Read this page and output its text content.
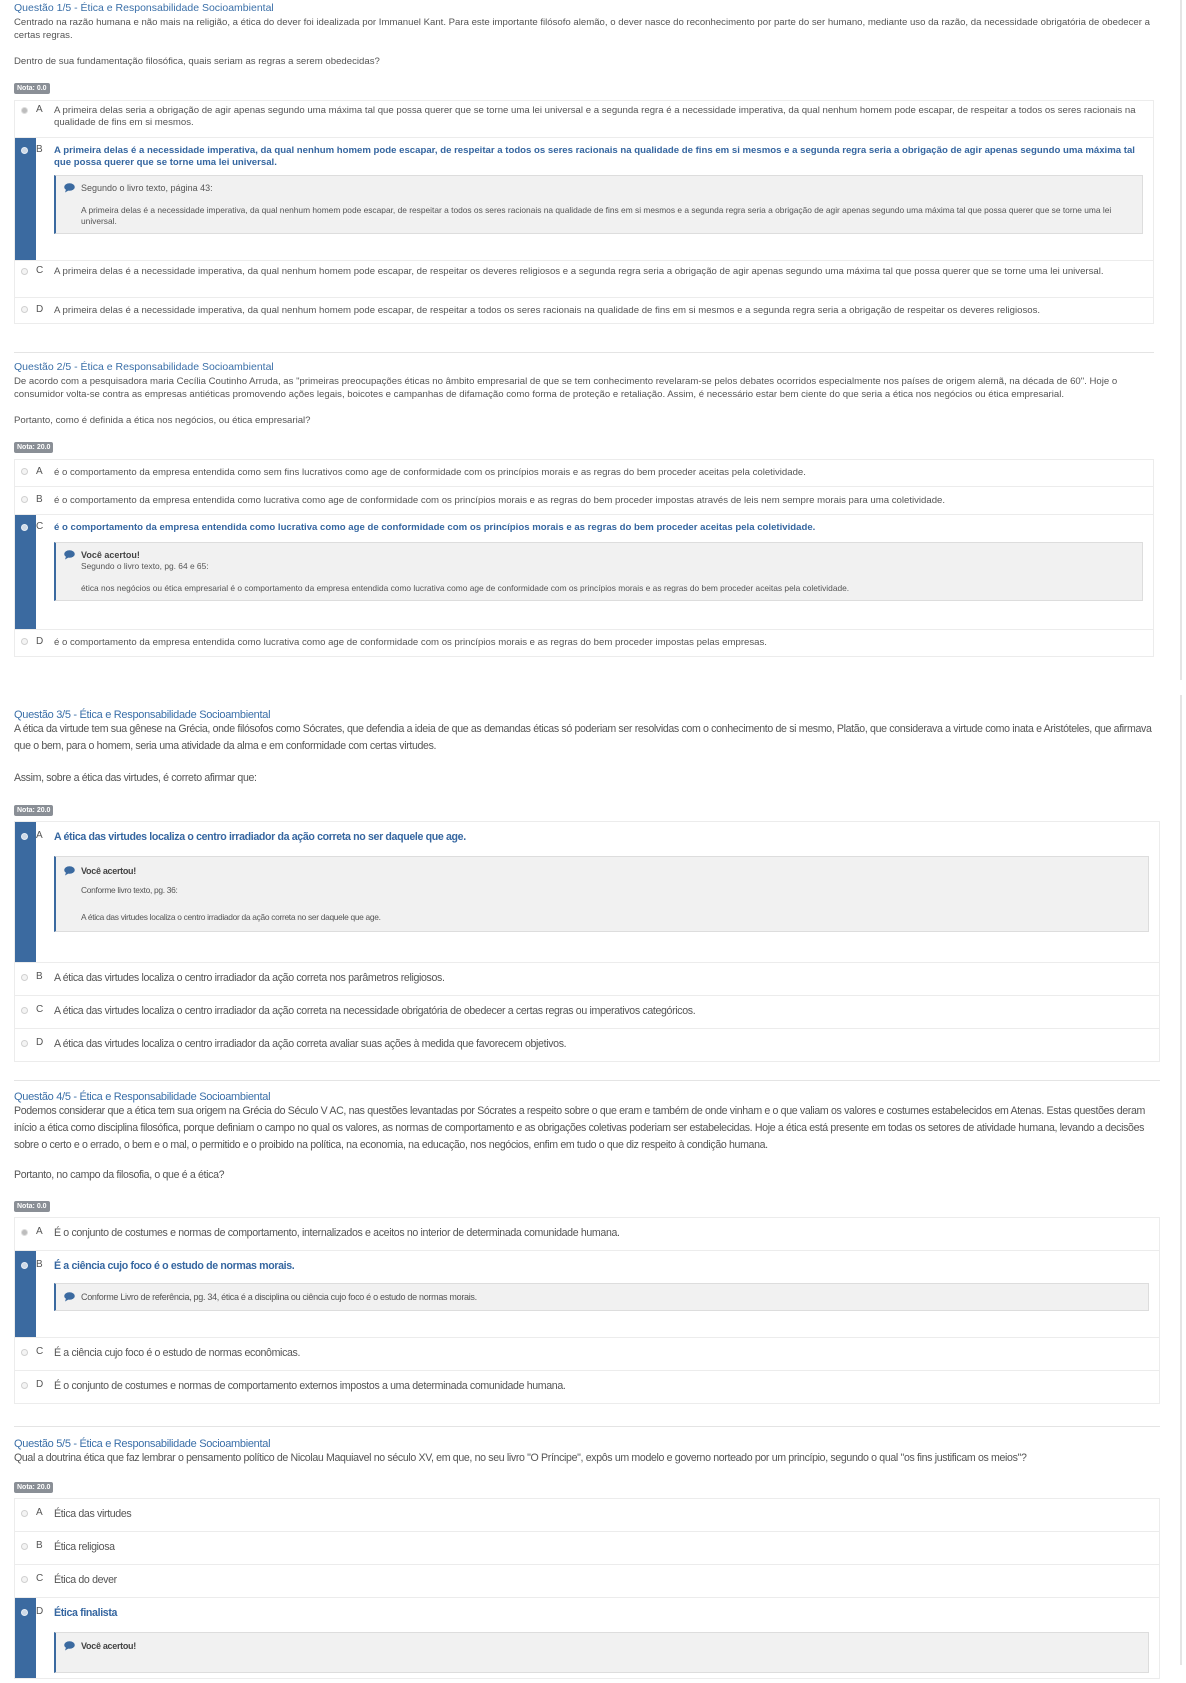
Questão 1/5 - Ética e Responsabilidade Socioambiental

Centrado na razão humana e não mais na religião, a ética do dever foi idealizada por Immanuel Kant. Para este importante filósofo alemão, o dever nasce do reconhecimento por parte do ser humano, mediante uso da razão, da necessidade obrigatória de obedecer a certas regras.

Dentro de sua fundamentação filosófica, quais seriam as regras a serem obedecidas?

Nota: 0.0
A	A primeira delas seria a obrigação de agir apenas segundo uma máxima tal que possa querer que se torne uma lei universal e a segunda regra é a necessidade imperativa, da qual nenhum homem pode escapar, de respeitar a todos os seres racionais na qualidade de fins em si mesmos.
B	A primeira delas é a necessidade imperativa, da qual nenhum homem pode escapar, de respeitar a todos os seres racionais na qualidade de fins em si mesmos e a segunda regra seria a obrigação de agir apenas segundo uma máxima tal que possa querer que se torne uma lei universal.
Segundo o livro texto, página 43:
A primeira delas é a necessidade imperativa, da qual nenhum homem pode escapar, de respeitar a todos os seres racionais na qualidade de fins em si mesmos e a segunda regra seria a obrigação de agir apenas segundo uma máxima tal que possa querer que se torne uma lei universal.
C	A primeira delas é a necessidade imperativa, da qual nenhum homem pode escapar, de respeitar os deveres religiosos e a segunda regra seria a obrigação de agir apenas segundo uma máxima tal que possa querer que se torne uma lei universal.
D	A primeira delas é a necessidade imperativa, da qual nenhum homem pode escapar, de respeitar a todos os seres racionais na qualidade de fins em si mesmos e a segunda regra seria a obrigação de respeitar os deveres religiosos.

Questão 2/5 - Ética e Responsabilidade Socioambiental

De acordo com a pesquisadora maria Cecília Coutinho Arruda, as "primeiras preocupações éticas no âmbito empresarial de que se tem conhecimento revelaram-se pelos debates ocorridos especialmente nos países de origem alemã, na década de 60". Hoje o consumidor volta-se contra as empresas antiéticas promovendo ações legais, boicotes e campanhas de difamação como forma de proteção e retaliação. Assim, é necessário estar bem ciente do que seria a ética nos negócios ou ética empresarial.

Portanto, como é definida a ética nos negócios, ou ética empresarial?

Nota: 20.0
A	é o comportamento da empresa entendida como sem fins lucrativos como age de conformidade com os princípios morais e as regras do bem proceder aceitas pela coletividade.
B	é o comportamento da empresa entendida como lucrativa como age de conformidade com os princípios morais e as regras do bem proceder impostas através de leis nem sempre morais para uma coletividade.
C	é o comportamento da empresa entendida como lucrativa como age de conformidade com os princípios morais e as regras do bem proceder aceitas pela coletividade.
Você acertou!
Segundo o livro texto, pg. 64 e 65:
ética nos negócios ou ética empresarial é o comportamento da empresa entendida como lucrativa como age de conformidade com os princípios morais e as regras do bem proceder aceitas pela coletividade.
D	é o comportamento da empresa entendida como lucrativa como age de conformidade com os princípios morais e as regras do bem proceder impostas pelas empresas.

Questão 3/5 - Ética e Responsabilidade Socioambiental

A ética da virtude tem sua gênese na Grécia, onde filósofos como Sócrates, que defendia a ideia de que as demandas éticas só poderiam ser resolvidas com o conhecimento de si mesmo, Platão, que considerava a virtude como inata e Aristóteles, que afirmava que o bem, para o homem, seria uma atividade da alma e em conformidade com certas virtudes.

Assim, sobre a ética das virtudes, é correto afirmar que:

Nota: 20.0
A	A ética das virtudes localiza o centro irradiador da ação correta no ser daquele que age.
Você acertou!
Conforme livro texto, pg. 36:
A ética das virtudes localiza o centro irradiador da ação correta no ser daquele que age.
B	A ética das virtudes localiza o centro irradiador da ação correta nos parâmetros religiosos.
C	A ética das virtudes localiza o centro irradiador da ação correta na necessidade obrigatória de obedecer a certas regras ou imperativos categóricos.
D	A ética das virtudes localiza o centro irradiador da ação correta avaliar suas ações à medida que favorecem objetivos.

Questão 4/5 - Ética e Responsabilidade Socioambiental

Podemos considerar que a ética tem sua origem na Grécia do Século V AC, nas questões levantadas por Sócrates a respeito sobre o que eram e também de onde vinham e o que valiam os valores e costumes estabelecidos em Atenas. Estas questões deram início a ética como disciplina filosófica, porque definiam o campo no qual os valores, as normas de comportamento e as obrigações coletivas poderiam ser estabelecidas. Hoje a ética está presente em todas os setores de atividade humana, levando a decisões sobre o certo e o errado, o bem e o mal, o permitido e o proibido na política, na economia, na educação, nos negócios, enfim em tudo o que diz respeito à condição humana.

Portanto, no campo da filosofia, o que é a ética?

Nota: 0.0
A	É o conjunto de costumes e normas de comportamento, internalizados e aceitos no interior de determinada comunidade humana.
B	É a ciência cujo foco é o estudo de normas morais.
Conforme Livro de referência, pg. 34, ética é a disciplina ou ciência cujo foco é o estudo de normas morais.
C	É a ciência cujo foco é o estudo de normas econômicas.
D	É o conjunto de costumes e normas de comportamento externos impostos a uma determinada comunidade humana.

Questão 5/5 - Ética e Responsabilidade Socioambiental

Qual a doutrina ética que faz lembrar o pensamento político de Nicolau Maquiavel no século XV, em que, no seu livro "O Príncipe", expôs um modelo e governo norteado por um princípio, segundo o qual "os fins justificam os meios"?

Nota: 20.0
A	Ética das virtudes
B	Ética religiosa
C	Ética do dever
D	Ética finalista
Você acertou!
